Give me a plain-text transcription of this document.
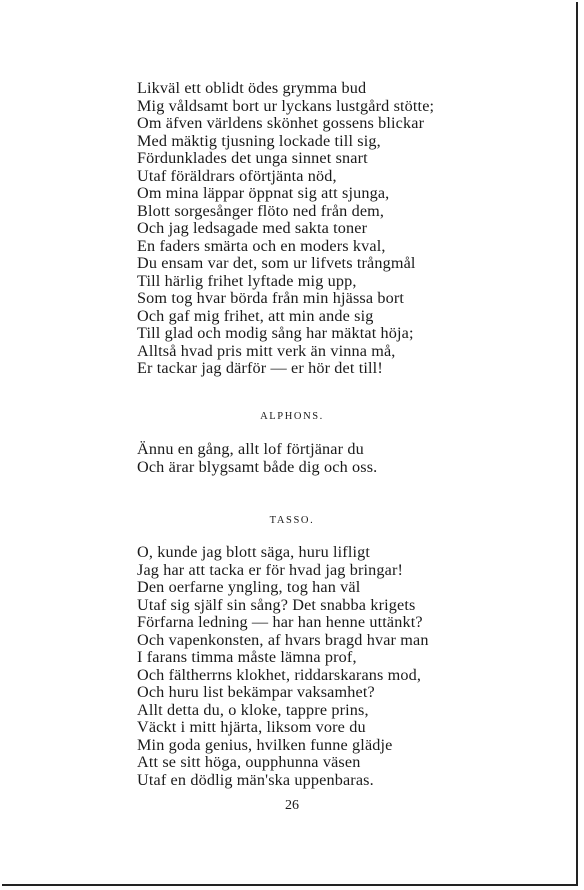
Likväl ett oblidt ödes grymma bud
Mig våldsamt bort ur lyckans lustgård stötte;
Om äfven världens skönhet gossens blickar
Med mäktig tjusning lockade till sig,
Fördunklades det unga sinnet snart
Utaf föräldrars oförtjänta nöd,
Om mina läppar öppnat sig att sjunga,
Blott sorgesånger flöto ned från dem,
Och jag ledsagade med sakta toner
En faders smärta och en moders kval,
Du ensam var det, som ur lifvets trångmål
Till härlig frihet lyftade mig upp,
Som tog hvar börda från min hjässa bort
Och gaf mig frihet, att min ande sig
Till glad och modig sång har mäktat höja;
Alltså hvad pris mitt verk än vinna må,
Er tackar jag därför — er hör det till!
ALPHONS.
Ännu en gång, allt lof förtjänar du
Och ärar blygsamt både dig och oss.
TASSO.
O, kunde jag blott säga, huru lifligt
Jag har att tacka er för hvad jag bringar!
Den oerfarne yngling, tog han väl
Utaf sig själf sin sång? Det snabba krigets
Förfarna ledning — har han henne uttänkt?
Och vapenkonsten, af hvars bragd hvar man
I farans timma måste lämna prof,
Och fältherrns klokhet, riddarskarans mod,
Och huru list bekämpar vaksamhet?
Allt detta du, o kloke, tappre prins,
Väckt i mitt hjärta, liksom vore du
Min goda genius, hvilken funne glädje
Att se sitt höga, oupphunna väsen
Utaf en dödlig män'ska uppenbaras.
26
